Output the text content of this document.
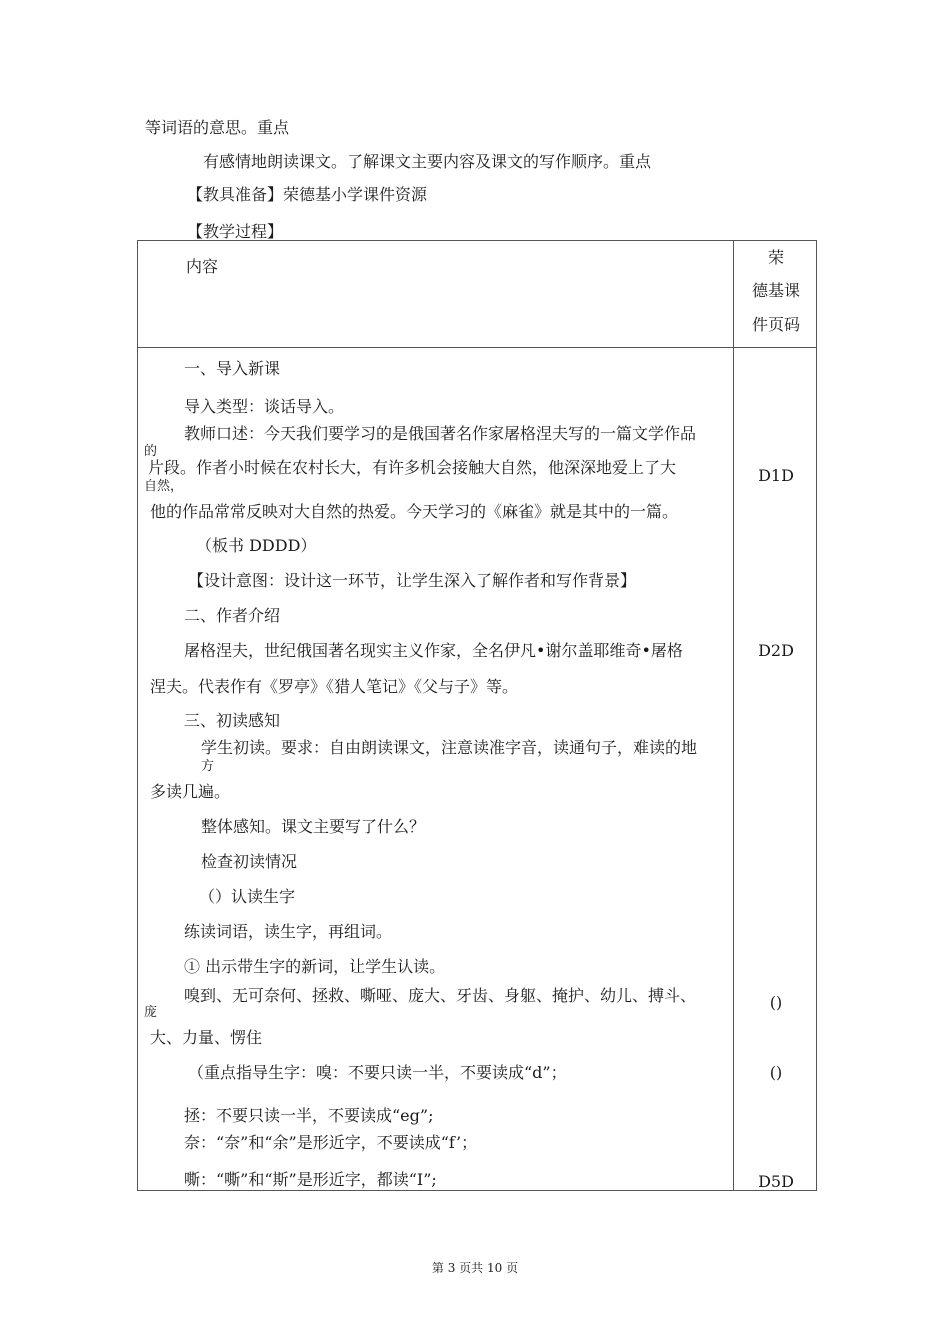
等词语的意思。重点
有感情地朗读课文。了解课文主要内容及课文的写作顺序。重点
【教具准备】荣德基小学课件资源
【教学过程】
内容	荣
德基课
件页码
一、导入新课
导入类型：谈话导入。
教师口述：今天我们要学习的是俄国著名作家屠格涅夫写的一篇文学作品
的
片段。作者小时候在农村长大，有许多机会接触大自然，他深深地爱上了大
自然，
他的作品常常反映对大自然的热爱。今天学习的《麻雀》就是其中的一篇。
（板书 DDDD）
【设计意图：设计这一环节，让学生深入了解作者和写作背景】
二、作者介绍
屠格涅夫，世纪俄国著名现实主义作家，全名伊凡•谢尔盖耶维奇•屠格
涅夫。代表作有《罗亭》《猎人笔记》《父与子》等。
三、初读感知
学生初读。要求：自由朗读课文，注意读准字音，读通句子，难读的地
方
多读几遍。
整体感知。课文主要写了什么？
检查初读情况
（）认读生字
练读词语，读生字，再组词。
① 出示带生字的新词，让学生认读。
嗅到、无可奈何、拯救、嘶哑、庞大、牙齿、身躯、掩护、幼儿、搏斗、
庞
大、力量、愣住
（重点指导生字：嗅：不要只读一半，不要读成“d”；
拯：不要只读一半，不要读成“eg”;
奈：“奈”和“余”是形近字，不要读成“f’；
嘶：“嘶”和“斯”是形近字，都读“I”;
D1D
D2D
()
()
D5D
第 3 页共 10 页
